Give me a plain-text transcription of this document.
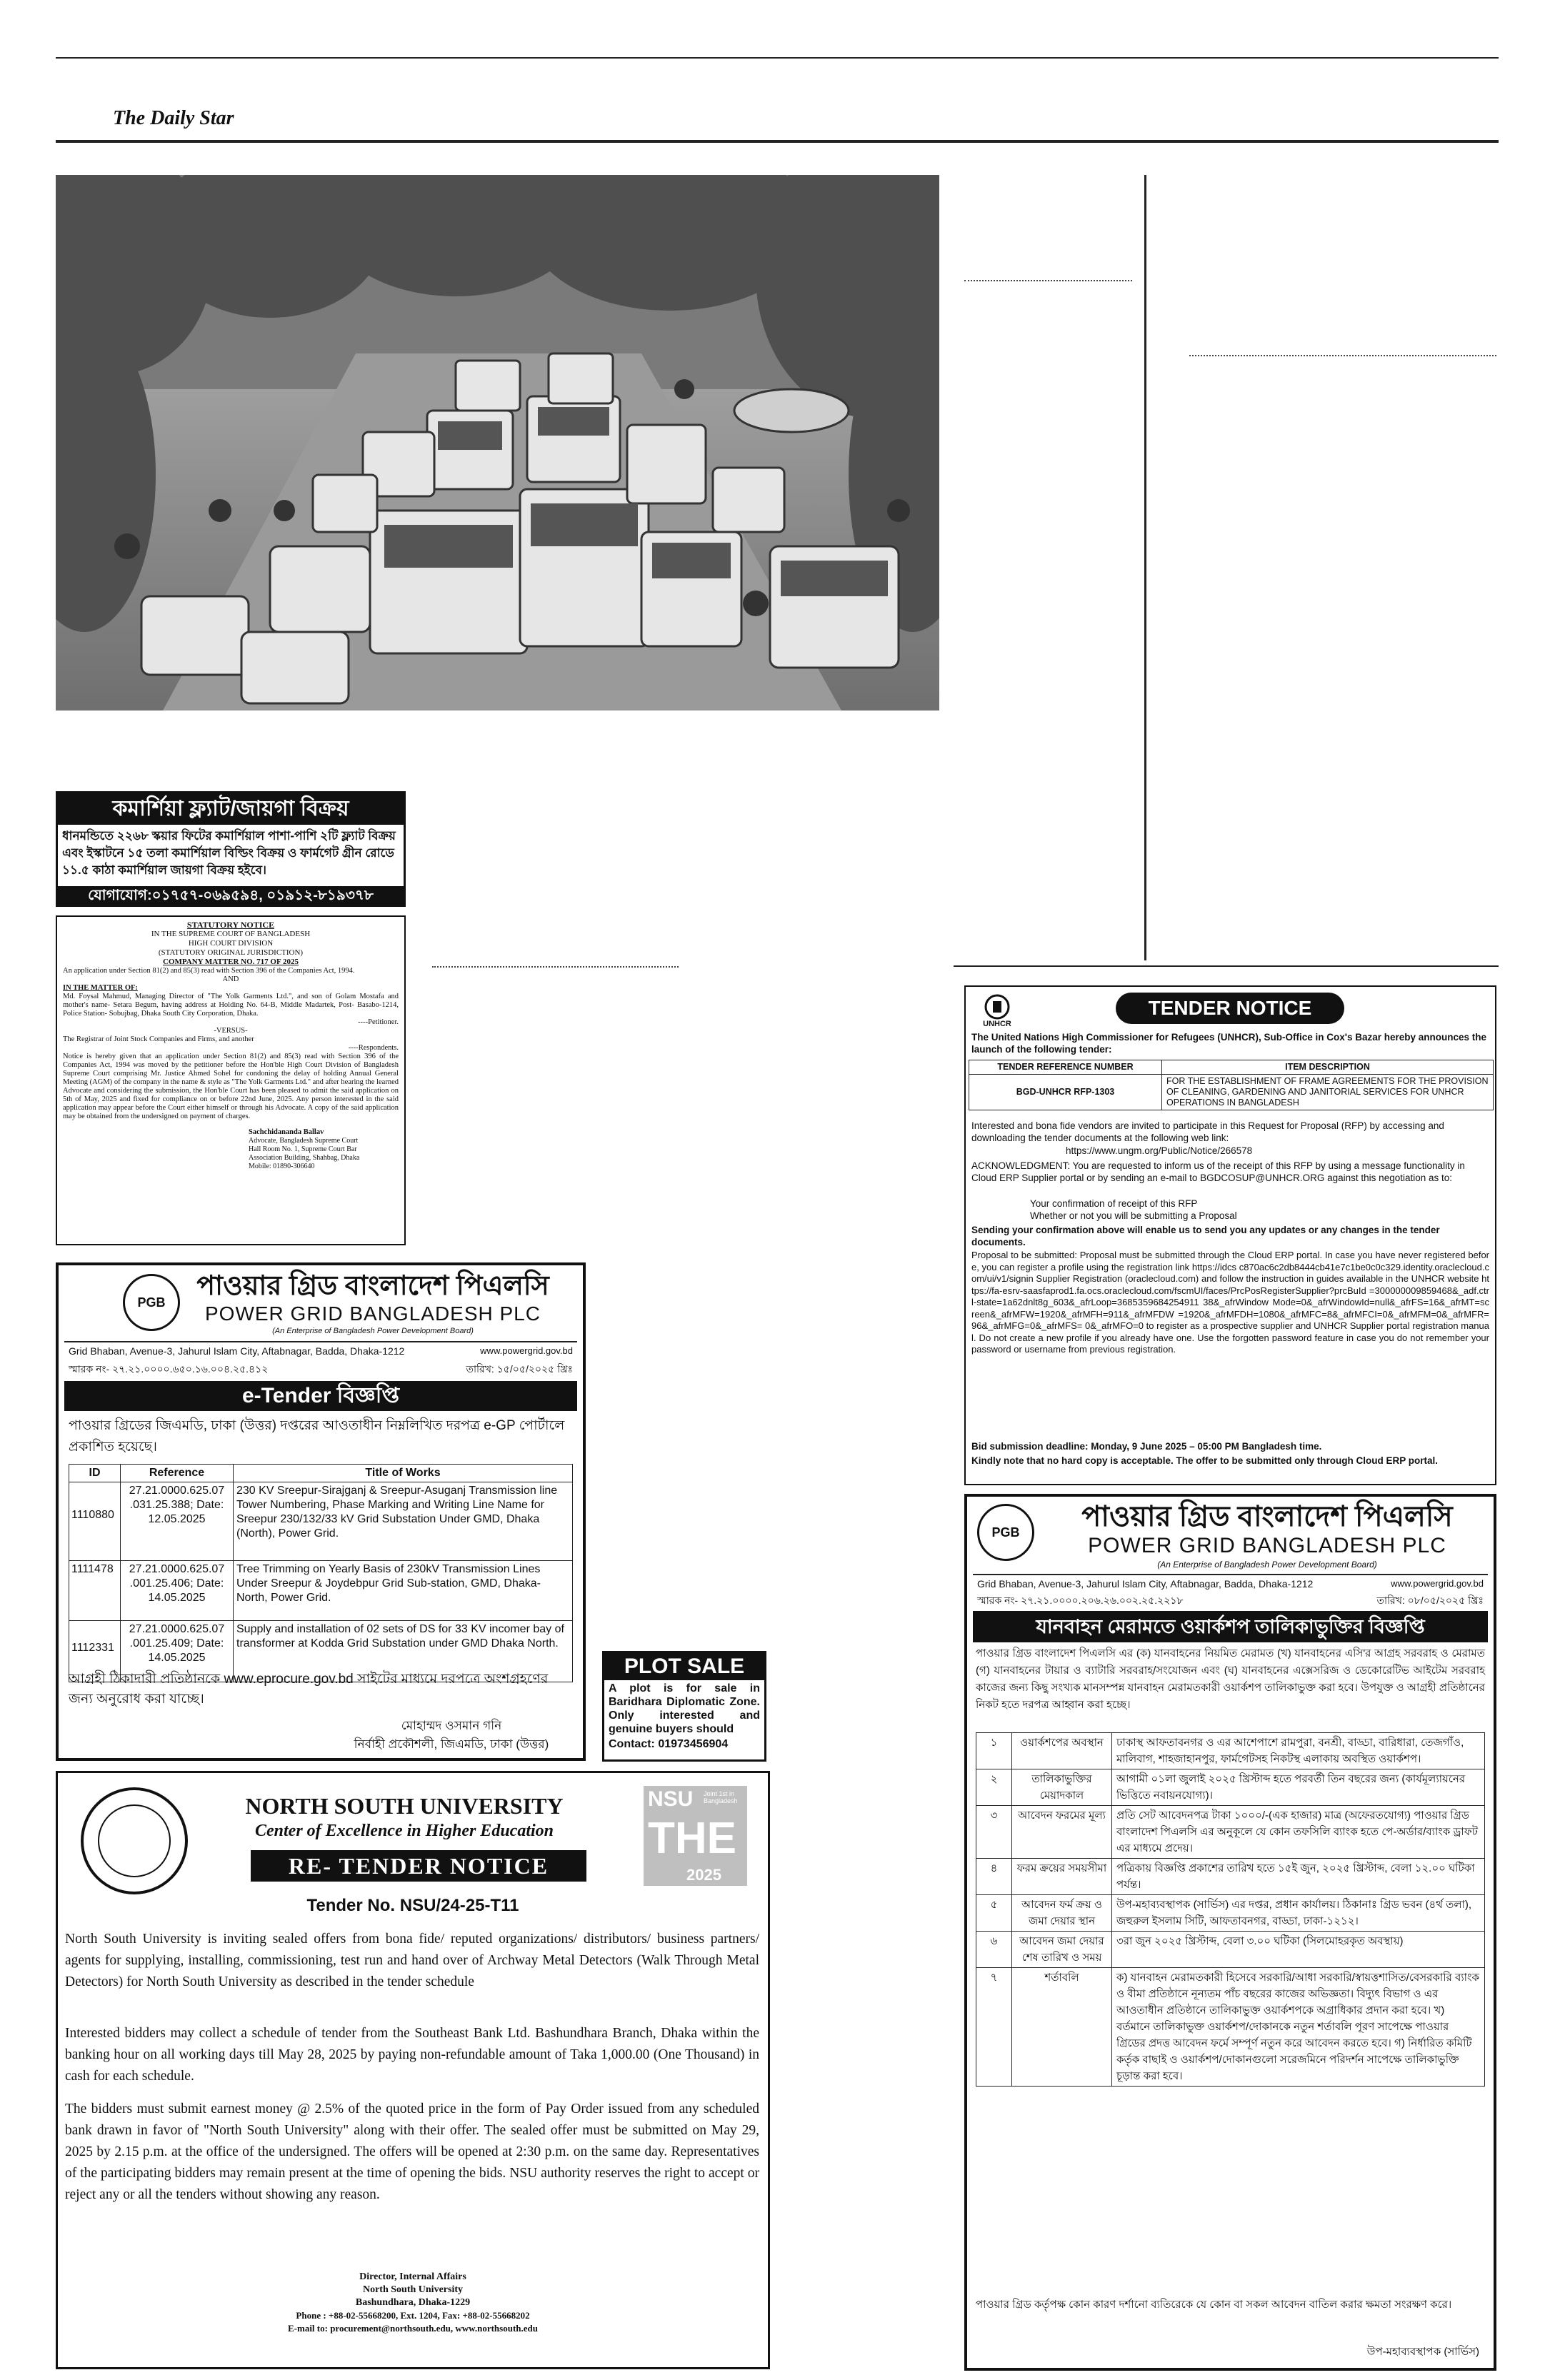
The Daily Star
কমার্শিয়া ফ্ল্যাট/জায়গা বিক্রয়
ধানমন্ডিতে ২২৬৮ স্কয়ার ফিটের কমার্শিয়াল পাশা-পাশি ২টি ফ্ল্যাট বিক্রয় এবং ইস্কাটনে ১৫ তলা কমার্শিয়াল বিল্ডিং বিক্রয় ও ফার্মগেট গ্রীন রোডে ১১.৫ কাঠা কমার্শিয়াল জায়গা বিক্রয় হইবে।
যোগাযোগ:০১৭৫৭-০৬৯৫৯৪, ০১৯১২-৮১৯৩৭৮
STATUTORY NOTICE
IN THE SUPREME COURT OF BANGLADESH
HIGH COURT DIVISION
(STATUTORY ORIGINAL JURISDICTION)
COMPANY MATTER NO. 717 OF 2025
An application under Section 81(2) and 85(3) read with Section 396 of the Companies Act, 1994.
AND
IN THE MATTER OF:
Md. Foysal Mahmud, Managing Director of "The Yolk Garments Ltd.", and son of Golam Mostafa and mother's name- Setara Begum, having address at Holding No. 64-B, Middle Madartek, Post- Basabo-1214, Police Station- Sobujbag, Dhaka South City Corporation, Dhaka.
----Petitioner.
-VERSUS-
The Registrar of Joint Stock Companies and Firms, and another
----Respondents.
Notice is hereby given that an application under Section 81(2) and 85(3) read with Section 396 of the Companies Act, 1994 was moved by the petitioner before the Hon'ble High Court Division of Bangladesh Supreme Court comprising Mr. Justice Ahmed Sohel for condoning the delay of holding Annual General Meeting (AGM) of the company in the name & style as "The Yolk Garments Ltd." and after hearing the learned Advocate and considering the submission, the Hon'ble Court has been pleased to admit the said application on 5th of May, 2025 and fixed for compliance on or before 22nd June, 2025. Any person interested in the said application may appear before the Court either himself or through his Advocate. A copy of the said application may be obtained from the undersigned on payment of charges.
Sachchidananda Ballav
Advocate, Bangladesh Supreme Court
Hall Room No. 1, Supreme Court Bar
Association Building, Shahbag, Dhaka
Mobile: 01890-306640
PGB
পাওয়ার গ্রিড বাংলাদেশ পিএলসি
POWER GRID BANGLADESH PLC
(An Enterprise of Bangladesh Power Development Board)
Grid Bhaban, Avenue-3, Jahurul Islam City, Aftabnagar, Badda, Dhaka-1212	www.powergrid.gov.bd
স্মারক নং- ২৭.২১.০০০০.৬৫০.১৬.০০৪.২৫.৪১২	তারিখ: ১৫/০৫/২০২৫ খ্রিঃ
e-Tender বিজ্ঞপ্তি
পাওয়ার গ্রিডের জিএমডি, ঢাকা (উত্তর) দপ্তরের আওতাধীন নিম্নলিখিত দরপত্র e-GP পোর্টালে প্রকাশিত হয়েছে।
ID	Reference	Title of Works
1110880	27.21.0000.625.07 .031.25.388; Date: 12.05.2025	230 KV Sreepur-Sirajganj & Sreepur-Asuganj Transmission line Tower Numbering, Phase Marking and Writing Line Name for Sreepur 230/132/33 kV Grid Substation Under GMD, Dhaka (North), Power Grid.
1111478	27.21.0000.625.07 .001.25.406; Date: 14.05.2025	Tree Trimming on Yearly Basis of 230kV Transmission Lines Under Sreepur & Joydebpur Grid Sub-station, GMD, Dhaka-North, Power Grid.
1112331	27.21.0000.625.07 .001.25.409; Date: 14.05.2025	Supply and installation of 02 sets of DS for 33 KV incomer bay of transformer at Kodda Grid Substation under GMD Dhaka North.
আগ্রহী ঠিকাদারী প্রতিষ্ঠানকে www.eprocure.gov.bd সাইটের মাধ্যমে দরপত্রে অংশগ্রহণের জন্য অনুরোধ করা যাচ্ছে।
মোহাম্মদ ওসমান গনি
নির্বাহী প্রকৌশলী, জিএমডি, ঢাকা (উত্তর)
PLOT SALE
A plot is for sale in Baridhara Diplomatic Zone. Only interested and genuine buyers should
Contact: 01973456904
NORTH SOUTH UNIVERSITY
Center of Excellence in Higher Education
RE- TENDER NOTICE
NSU Joint 1st in Bangladesh
THE
2025
Tender No. NSU/24-25-T11
North South University is inviting sealed offers from bona fide/ reputed organizations/ distributors/ business partners/ agents for supplying, installing, commissioning, test run and hand over of Archway Metal Detectors (Walk Through Metal Detectors) for North South University as described in the tender schedule
Interested bidders may collect a schedule of tender from the Southeast Bank Ltd. Bashundhara Branch, Dhaka within the banking hour on all working days till May 28, 2025 by paying non-refundable amount of Taka 1,000.00 (One Thousand) in cash for each schedule.
The bidders must submit earnest money @ 2.5% of the quoted price in the form of Pay Order issued from any scheduled bank drawn in favor of "North South University" along with their offer. The sealed offer must be submitted on May 29, 2025 by 2.15 p.m. at the office of the undersigned. The offers will be opened at 2:30 p.m. on the same day. Representatives of the participating bidders may remain present at the time of opening the bids. NSU authority reserves the right to accept or reject any or all the tenders without showing any reason.
Director, Internal Affairs
North South University
Bashundhara, Dhaka-1229
Phone : +88-02-55668200, Ext. 1204, Fax: +88-02-55668202
E-mail to: procurement@northsouth.edu, www.northsouth.edu
UNHCR
TENDER NOTICE
The United Nations High Commissioner for Refugees (UNHCR), Sub-Office in Cox's Bazar hereby announces the launch of the following tender:
TENDER REFERENCE NUMBER	ITEM DESCRIPTION
BGD-UNHCR RFP-1303	FOR THE ESTABLISHMENT OF FRAME AGREEMENTS FOR THE PROVISION OF CLEANING, GARDENING AND JANITORIAL SERVICES FOR UNHCR OPERATIONS IN BANGLADESH
Interested and bona fide vendors are invited to participate in this Request for Proposal (RFP) by accessing and downloading the tender documents at the following web link:
https://www.ungm.org/Public/Notice/266578
ACKNOWLEDGMENT: You are requested to inform us of the receipt of this RFP by using a message functionality in Cloud ERP Supplier portal or by sending an e-mail to BGDCOSUP@UNHCR.ORG against this negotiation as to:
Your confirmation of receipt of this RFP
Whether or not you will be submitting a Proposal
Sending your confirmation above will enable us to send you any updates or any changes in the tender documents.
Proposal to be submitted: Proposal must be submitted through the Cloud ERP portal. In case you have never registered before, you can register a profile using the registration link https://idcs c870ac6c2db8444cb41e7c1be0c0c329.identity.oraclecloud.com/ui/v1/signin Supplier Registration (oraclecloud.com) and follow the instruction in guides available in the UNHCR website https://fa-esrv-saasfaprod1.fa.ocs.oraclecloud.com/fscmUI/faces/PrcPosRegisterSupplier?prcBuId =300000009859468&_adf.ctrl-state=1a62dnlt8g_603&_afrLoop=3685359684254911 38&_afrWindow Mode=0&_afrWindowId=null&_afrFS=16&_afrMT=screen&_afrMFW=1920&_afrMFH=911&_afrMFDW =1920&_afrMFDH=1080&_afrMFC=8&_afrMFCI=0&_afrMFM=0&_afrMFR=96&_afrMFG=0&_afrMFS= 0&_afrMFO=0 to register as a prospective supplier and UNHCR Supplier portal registration manual. Do not create a new profile if you already have one. Use the forgotten password feature in case you do not remember your password or username from previous registration.
Bid submission deadline: Monday, 9 June 2025 – 05:00 PM Bangladesh time.
Kindly note that no hard copy is acceptable. The offer to be submitted only through Cloud ERP portal.
PGB	পাওয়ার গ্রিড বাংলাদেশ পিএলসি
POWER GRID BANGLADESH PLC
(An Enterprise of Bangladesh Power Development Board)
Grid Bhaban, Avenue-3, Jahurul Islam City, Aftabnagar, Badda, Dhaka-1212	www.powergrid.gov.bd
স্মারক নং- ২৭.২১.০০০০.২০৬.২৬.০০২.২৫.২২১৮	তারিখ: ০৮/০৫/২০২৫ খ্রিঃ
যানবাহন মেরামতে ওয়ার্কশপ তালিকাভুক্তির বিজ্ঞপ্তি
পাওয়ার গ্রিড বাংলাদেশ পিএলসি এর (ক) যানবাহনের নিয়মিত মেরামত (খ) যানবাহনের এসি'র আগ্রহ সরবরাহ ও মেরামত (গ) যানবাহনের টায়ার ও ব্যাটারি সরবরাহ/সংযোজন এবং (ঘ) যানবাহনের এক্সেসরিজ ও ডেকোরেটিভ আইটেম সরবরাহ কাজের জন্য কিছু সংখ্যক মানসম্পন্ন যানবাহন মেরামতকারী ওয়ার্কশপ তালিকাভুক্ত করা হবে। উপযুক্ত ও আগ্রহী প্রতিষ্ঠানের নিকট হতে দরপত্র আহ্বান করা হচ্ছে।
১	ওয়ার্কশপের অবস্থান	ঢাকাস্থ আফতাবনগর ও এর আশেপাশে রামপুরা, বনশ্রী, বাড্ডা, বারিধারা, তেজগাঁও, মালিবাগ, শাহজাহানপুর, ফার্মগেটসহ নিকটস্থ এলাকায় অবস্থিত ওয়ার্কশপ।
২	তালিকাভুক্তির মেয়াদকাল	আগামী ০১লা জুলাই ২০২৫ খ্রিস্টাব্দ হতে পরবর্তী তিন বছরের জন্য (কার্যমূল্যায়নের ভিত্তিতে নবায়নযোগ্য)।
৩	আবেদন ফরমের মূল্য	প্রতি সেট আবেদনপত্র টাকা ১০০০/-(এক হাজার) মাত্র (অফেরতযোগ্য) পাওয়ার গ্রিড বাংলাদেশ পিএলসি এর অনুকূলে যে কোন তফসিলি ব্যাংক হতে পে-অর্ডার/ব্যাংক ড্রাফট এর মাধ্যমে প্রদেয়।
৪	ফরম ক্রয়ের সময়সীমা	পত্রিকায় বিজ্ঞপ্তি প্রকাশের তারিখ হতে ১৫ই জুন, ২০২৫ খ্রিস্টাব্দ, বেলা ১২.০০ ঘটিকা পর্যন্ত।
৫	আবেদন ফর্ম ক্রয় ও জমা দেয়ার স্থান	উপ-মহাব্যবস্থাপক (সার্ভিস) এর দপ্তর, প্রধান কার্যালয়। ঠিকানাঃ গ্রিড ভবন (৪র্থ তলা), জহুরুল ইসলাম সিটি, আফতাবনগর, বাড্ডা, ঢাকা-১২১২।
৬	আবেদন জমা দেয়ার শেষ তারিখ ও সময়	৩রা জুন ২০২৫ খ্রিস্টাব্দ, বেলা ৩.০০ ঘটিকা (সিলমোহরকৃত অবস্থায়)
৭	শর্তাবলি	ক) যানবাহন মেরামতকারী হিসেবে সরকারি/আধা সরকারি/স্বায়ত্তশাসিত/বেসরকারি ব্যাংক ও বীমা প্রতিষ্ঠানে নূন্যতম পাঁচ বছরের কাজের অভিজ্ঞতা। বিদ্যুৎ বিভাগ ও এর আওতাধীন প্রতিষ্ঠানে তালিকাভুক্ত ওয়ার্কশপকে অগ্রাধিকার প্রদান করা হবে। খ) বর্তমানে তালিকাভুক্ত ওয়ার্কশপ/দোকানকে নতুন শর্তাবলি পূরণ সাপেক্ষে পাওয়ার গ্রিডের প্রদত্ত আবেদন ফর্মে সম্পূর্ণ নতুন করে আবেদন করতে হবে। গ) নির্ধারিত কমিটি কর্তৃক বাছাই ও ওয়ার্কশপ/দোকানগুলো সরেজমিনে পরিদর্শন সাপেক্ষে তালিকাভুক্তি চূড়ান্ত করা হবে।
পাওয়ার গ্রিড কর্তৃপক্ষ কোন কারণ দর্শানো ব্যতিরেকে যে কোন বা সকল আবেদন বাতিল করার ক্ষমতা সংরক্ষণ করে।
উপ-মহাব্যবস্থাপক (সার্ভিস)
